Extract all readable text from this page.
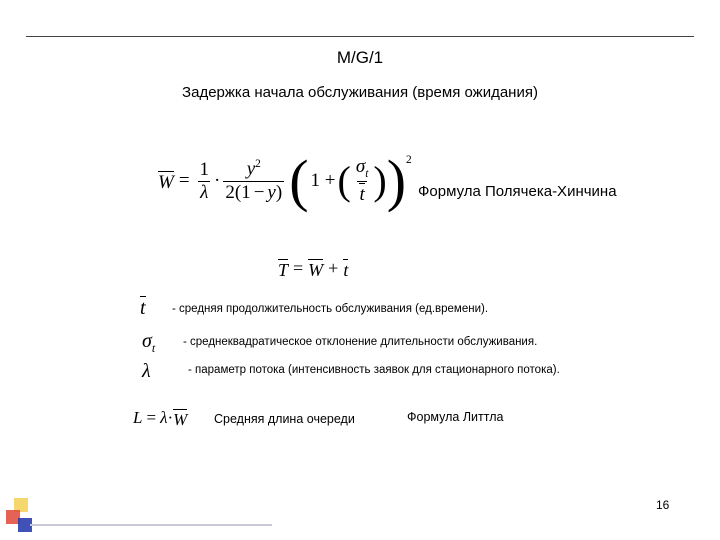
M/G/1
Задержка начала обслуживания (время ожидания)
$W = \frac{1}{\lambda} \cdot \frac{y^2}{2(1 - y)}$ ( 1 + ( $\frac{\sigma_t}{t}$ ) )$^2$
Формула Полячека-Хинчина
T = W + t
t - средняя продолжительность обслуживания (ед.времени).
$\sigma_t$ - среднеквадратическое отклонение длительности обслуживания.
λ	- параметр потока (интенсивность заявок для стационарного потока).
L = λ · W Средняя длина очереди	Формула Литтла
16
